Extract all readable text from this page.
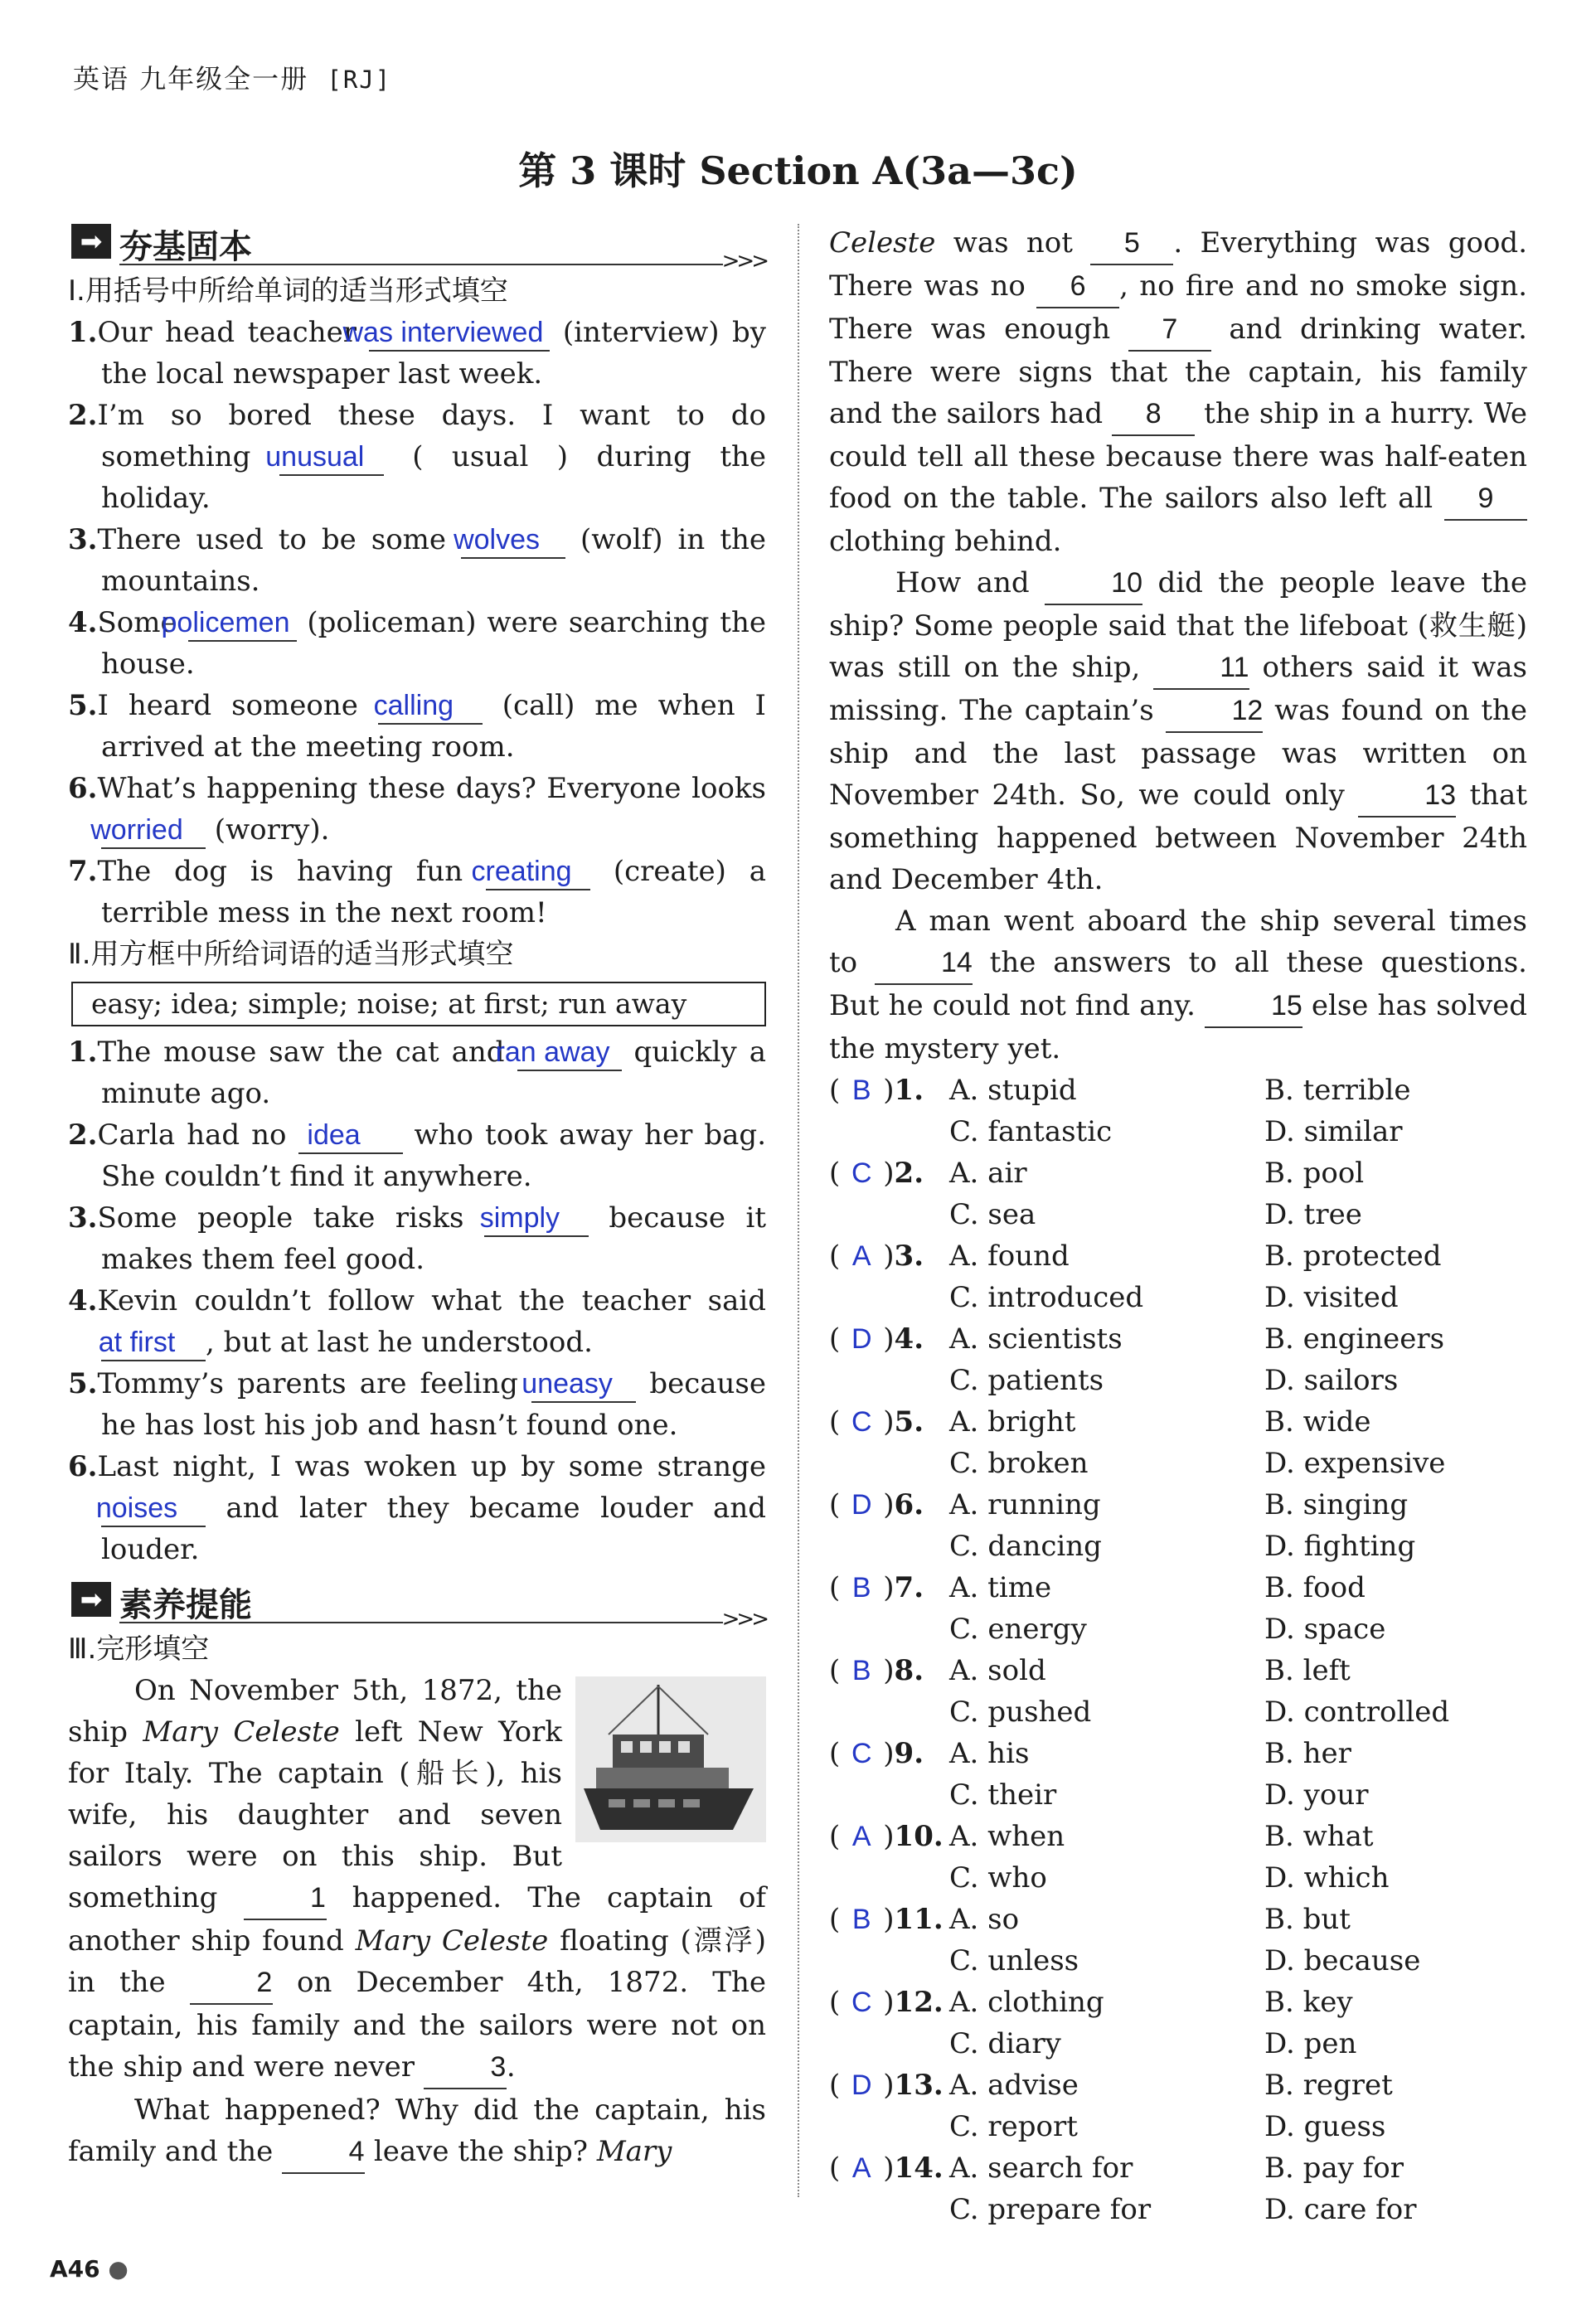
英语 九年级全一册 [RJ]
第 3 课时 Section A(3a—3c)
➡ 夯基固本	>>>
Ⅰ.用括号中所给单词的适当形式填空
1.Our head teacher was interviewed (interview) by the local newspaper last week.
2.I’m so bored these days. I want to do something unusual ( usual ) during the holiday.
3.There used to be some wolves (wolf) in the mountains.
4.Some policemen (policeman) were searching the house.
5.I heard someone calling (call) me when I arrived at the meeting room.
6.What’s happening these days? Everyone looks worried (worry).
7.The dog is having fun creating (create) a terrible mess in the next room!
Ⅱ.用方框中所给词语的适当形式填空
easy; idea; simple; noise; at first; run away
1.The mouse saw the cat and ran away quickly a minute ago.
2.Carla had no idea who took away her bag. She couldn’t find it anywhere.
3.Some people take risks simply because it makes them feel good.
4.Kevin couldn’t follow what the teacher said at first , but at last he understood.
5.Tommy’s parents are feeling uneasy because he has lost his job and hasn’t found one.
6.Last night, I was woken up by some strange noises and later they became louder and louder.
➡ 素养提能	>>>
Ⅲ.完形填空
On November 5th, 1872, the ship Mary Celeste left New York for Italy. The captain (船长), his wife, his daughter and seven sailors were on this ship. But something 1 happened. The captain of another ship found Mary Celeste floating (漂浮) in the 2 on December 4th, 1872. The captain, his family and the sailors were not on the ship and were never 3.
What happened? Why did the captain, his family and the 4 leave the ship? Mary
Celeste was not 5 . Everything was good. There was no 6 , no fire and no smoke sign. There was enough 7 and drinking water. There were signs that the captain, his family and the sailors had 8 the ship in a hurry. We could tell all these because there was half-eaten food on the table. The sailors also left all 9 clothing behind.
How and 10 did the people leave the ship? Some people said that the lifeboat (救生艇) was still on the ship, 11 others said it was missing. The captain’s 12 was found on the ship and the last passage was written on November 24th. So, we could only 13 that something happened between November 24th and December 4th.
A man went aboard the ship several times to 14 the answers to all these questions. But he could not find any. 15 else has solved the mystery yet.
( B )1. A. stupid	B. terrible
C. fantastic	D. similar
( C )2. A. air	B. pool
C. sea	D. tree
( A )3. A. found	B. protected
C. introduced	D. visited
( D )4. A. scientists	B. engineers
C. patients	D. sailors
( C )5. A. bright	B. wide
C. broken	D. expensive
( D )6. A. running	B. singing
C. dancing	D. fighting
( B )7. A. time	B. food
C. energy	D. space
( B )8. A. sold	B. left
C. pushed	D. controlled
( C )9. A. his	B. her
C. their	D. your
( A )10. A. when	B. what
C. who	D. which
( B )11. A. so	B. but
C. unless	D. because
( C )12. A. clothing	B. key
C. diary	D. pen
( D )13. A. advise	B. regret
C. report	D. guess
( A )14. A. search for	B. pay for
C. prepare for	D. care for
A46 ●
